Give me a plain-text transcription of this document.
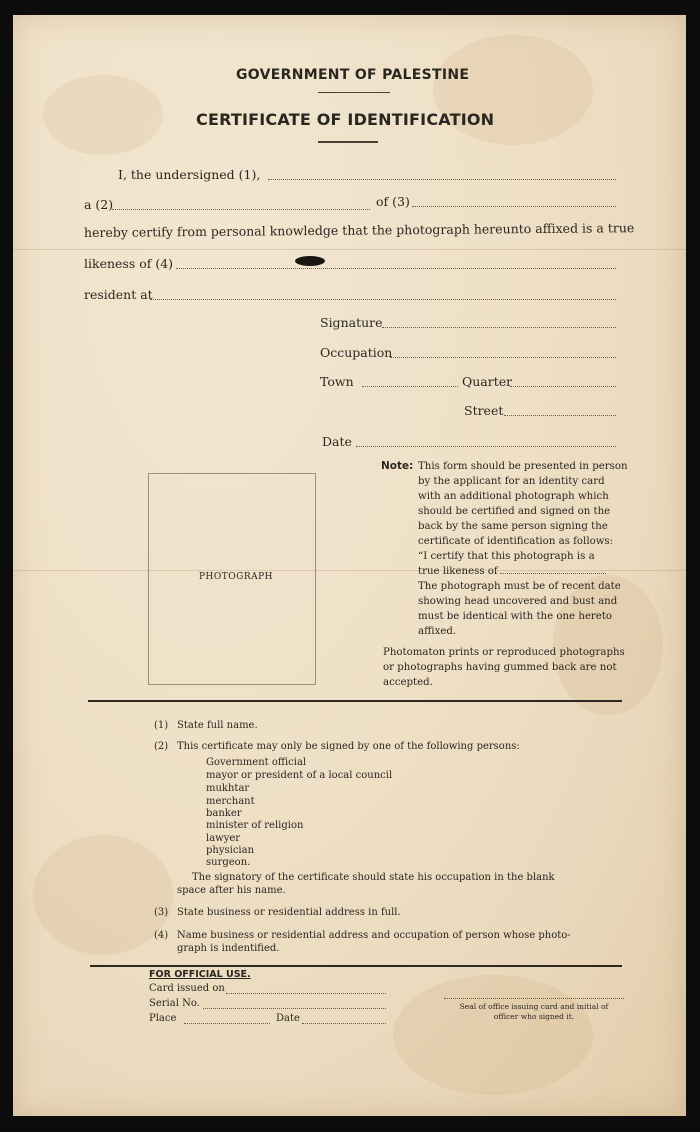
GOVERNMENT OF PALESTINE
CERTIFICATE OF IDENTIFICATION
I, the undersigned (1),
a (2)	of (3)
hereby certify from personal knowledge that the photograph hereunto affixed is a true
likeness of (4)
resident at
Signature
Occupation
Town	Quarter
Street
Date
PHOTOGRAPH
Note: This form should be presented in person

by the applicant for an identity card

with an additional photograph which

should be certified and signed on the

back by the same person signing the

certificate of identification as follows:

“I certify that this photograph is a

true likeness of

The photograph must be of recent date

showing head uncovered and bust and

must be identical with the one hereto

affixed.

Photomaton prints or reproduced photographs

or photographs having gummed back are not

accepted.

(1) State full name.
(2) This certificate may only be signed by one of the following persons:
Government official
mayor or president of a local council
mukhtar
merchant
banker
minister of religion
lawyer
physician
surgeon.
The signatory of the certificate should state his occupation in the blank
space after his name.
(3) State business or residential address in full.
(4) Name business or residential address and occupation of person whose photo-
graph is indentified.
FOR OFFICIAL USE.
Card issued on
Serial No.
Place	Date
Seal of office issuing card and initial of
officer who signed it.
